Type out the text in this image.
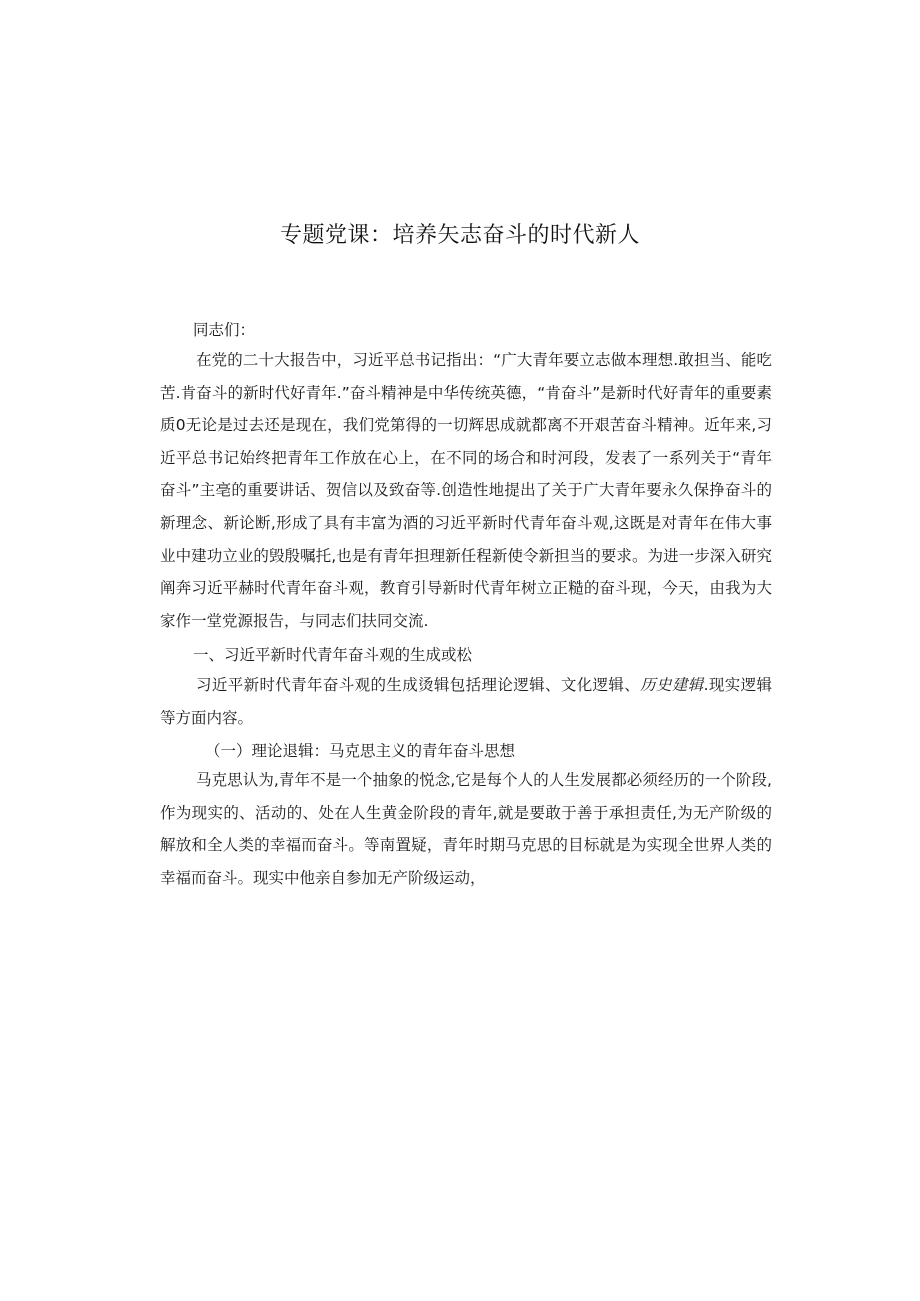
专题党课：培养矢志奋斗的时代新人
同志们：

在党的二十大报告中，习近平总书记指出：“广大青年要立志做本理想.敢担当、能吃苦.肯奋斗的新时代好青年.”奋斗精神是中华传统英德，“肯奋斗”是新时代好青年的重要素质0无论是过去还是现在，我们党第得的一切辉思成就都离不开艰苦奋斗精神。近年来,习近平总书记始终把青年工作放在心上，在不同的场合和时河段，发表了一系列关于“青年奋斗”主亳的重要讲话、贺信以及致奋等.创造性地提出了关于广大青年要永久保挣奋斗的新理念、新论断,形成了具有丰富为酒的习近平新时代青年奋斗观,这既是对青年在伟大事业中建功立业的毁殷嘱托,也是有青年担理新任程新使令新担当的要求。为进一步深入研究阐奔习近平赫时代青年奋斗观，教育引导新时代青年树立正糙的奋斗现，今天，由我为大家作一堂党源报告，与同志们扶同交流.

一、习近平新时代青年奋斗观的生成或松

习近平新时代青年奋斗观的生成烫辑包括理论逻辑、文化逻辑、历史建辑.现实逻辑等方面内容。

（一）理论退辑：马克思主义的青年奋斗思想

马克思认为,青年不是一个抽象的悦念,它是每个人的人生发展都必须经历的一个阶段,作为现实的、活动的、处在人生黄金阶段的青年,就是要敢于善于承担责任,为无产阶级的解放和全人类的幸福而奋斗。等南置疑，青年时期马克思的目标就是为实现全世界人类的幸福而奋斗。现实中他亲自参加无产阶级运动，
